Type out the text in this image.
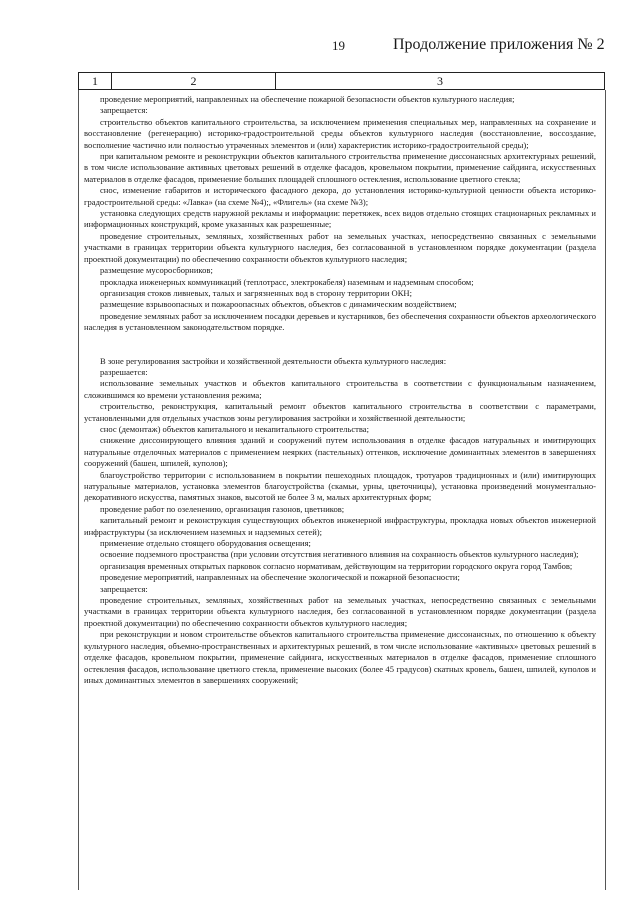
19	Продолжение приложения № 2
1	2	3

проведение мероприятий, направленных на обеспечение пожарной безопасности объектов культурного наследия;

запрещается:

строительство объектов капитального строительства, за исключением применения специальных мер, направленных на сохранение и восстановление (регенерацию) историко-градостроительной среды объектов культурного наследия (восстановление, воссоздание, восполнение частично или полностью утраченных элементов и (или) характеристик историко-градостроительной среды);

при капитальном ремонте и реконструкции объектов капитального строительства применение диссонансных архитектурных решений, в том числе использование активных цветовых решений в отделке фасадов, кровельном покрытии, применение сайдинга, искусственных материалов в отделке фасадов, применение больших площадей сплошного остекления, использование цветного стекла;

снос, изменение габаритов и исторического фасадного декора, до установления историко-культурной ценности объекта историко-градостроительной среды: «Лавка» (на схеме №4);, «Флигель» (на схеме №3);

установка следующих средств наружной рекламы и информации: перетяжек, всех видов отдельно стоящих стационарных рекламных и информационных конструкций, кроме указанных как разрешенные;

проведение строительных, земляных, хозяйственных работ на земельных участках, непосредственно связанных с земельными участками в границах территории объекта культурного наследия, без согласованной в установленном порядке документации (раздела проектной документации) по обеспечению сохранности объектов культурного наследия;

размещение мусоросборников;

прокладка инженерных коммуникаций (теплотрасс, электрокабеля) наземным и надземным способом;

организация стоков ливневых, талых и загрязненных вод в сторону территории ОКН;

размещение взрывоопасных и пожароопасных объектов, объектов с динамическим воздействием;

проведение земляных работ за исключением посадки деревьев и кустарников, без обеспечения сохранности объектов археологического наследия в установленном законодательством порядке.

В зоне регулирования застройки и хозяйственной деятельности объекта культурного наследия:

разрешается:

использование земельных участков и объектов капитального строительства в соответствии с функциональным назначением, сложившимся ко времени установления режима;

строительство, реконструкция, капитальный ремонт объектов капитального строительства в соответствии с параметрами, установленными для отдельных участков зоны регулирования застройки и хозяйственной деятельности;

снос (демонтаж) объектов капитального и некапитального строительства;

снижение диссонирующего влияния зданий и сооружений путем использования в отделке фасадов натуральных и имитирующих натуральные отделочных материалов с применением неярких (пастельных) оттенков, исключение доминантных элементов в завершениях сооружений (башен, шпилей, куполов);

благоустройство территории с использованием в покрытии пешеходных площадок, тротуаров традиционных и (или) имитирующих натуральные материалов, установка элементов благоустройства (скамьи, урны, цветочницы), установка произведений монументально-декоративного искусства, памятных знаков, высотой не более 3 м, малых архитектурных форм;

проведение работ по озеленению, организация газонов, цветников;

капитальный ремонт и реконструкция существующих объектов инженерной инфраструктуры, прокладка новых объектов инженерной инфраструктуры (за исключением наземных и надземных сетей);

применение отдельно стоящего оборудования освещения;

освоение подземного пространства (при условии отсутствия негативного влияния на сохранность объектов культурного наследия);

организация временных открытых парковок согласно нормативам, действующим на территории городского округа город Тамбов;

проведение мероприятий, направленных на обеспечение экологической и пожарной безопасности;

запрещается:

проведение строительных, земляных, хозяйственных работ на земельных участках, непосредственно связанных с земельными участками в границах территории объекта культурного наследия, без согласованной в установленном порядке документации (раздела проектной документации) по обеспечению сохранности объектов культурного наследия;

при реконструкции и новом строительстве объектов капитального строительства применение диссонансных, по отношению к объекту культурного наследия, объемно-пространственных и архитектурных решений, в том числе использование «активных» цветовых решений в отделке фасадов, кровельном покрытии, применение сайдинга, искусственных материалов в отделке фасадов, применение сплошного остекления фасадов, использование цветного стекла, применение высоких (более 45 градусов) скатных кровель, башен, шпилей, куполов и иных доминантных элементов в завершениях сооружений;
